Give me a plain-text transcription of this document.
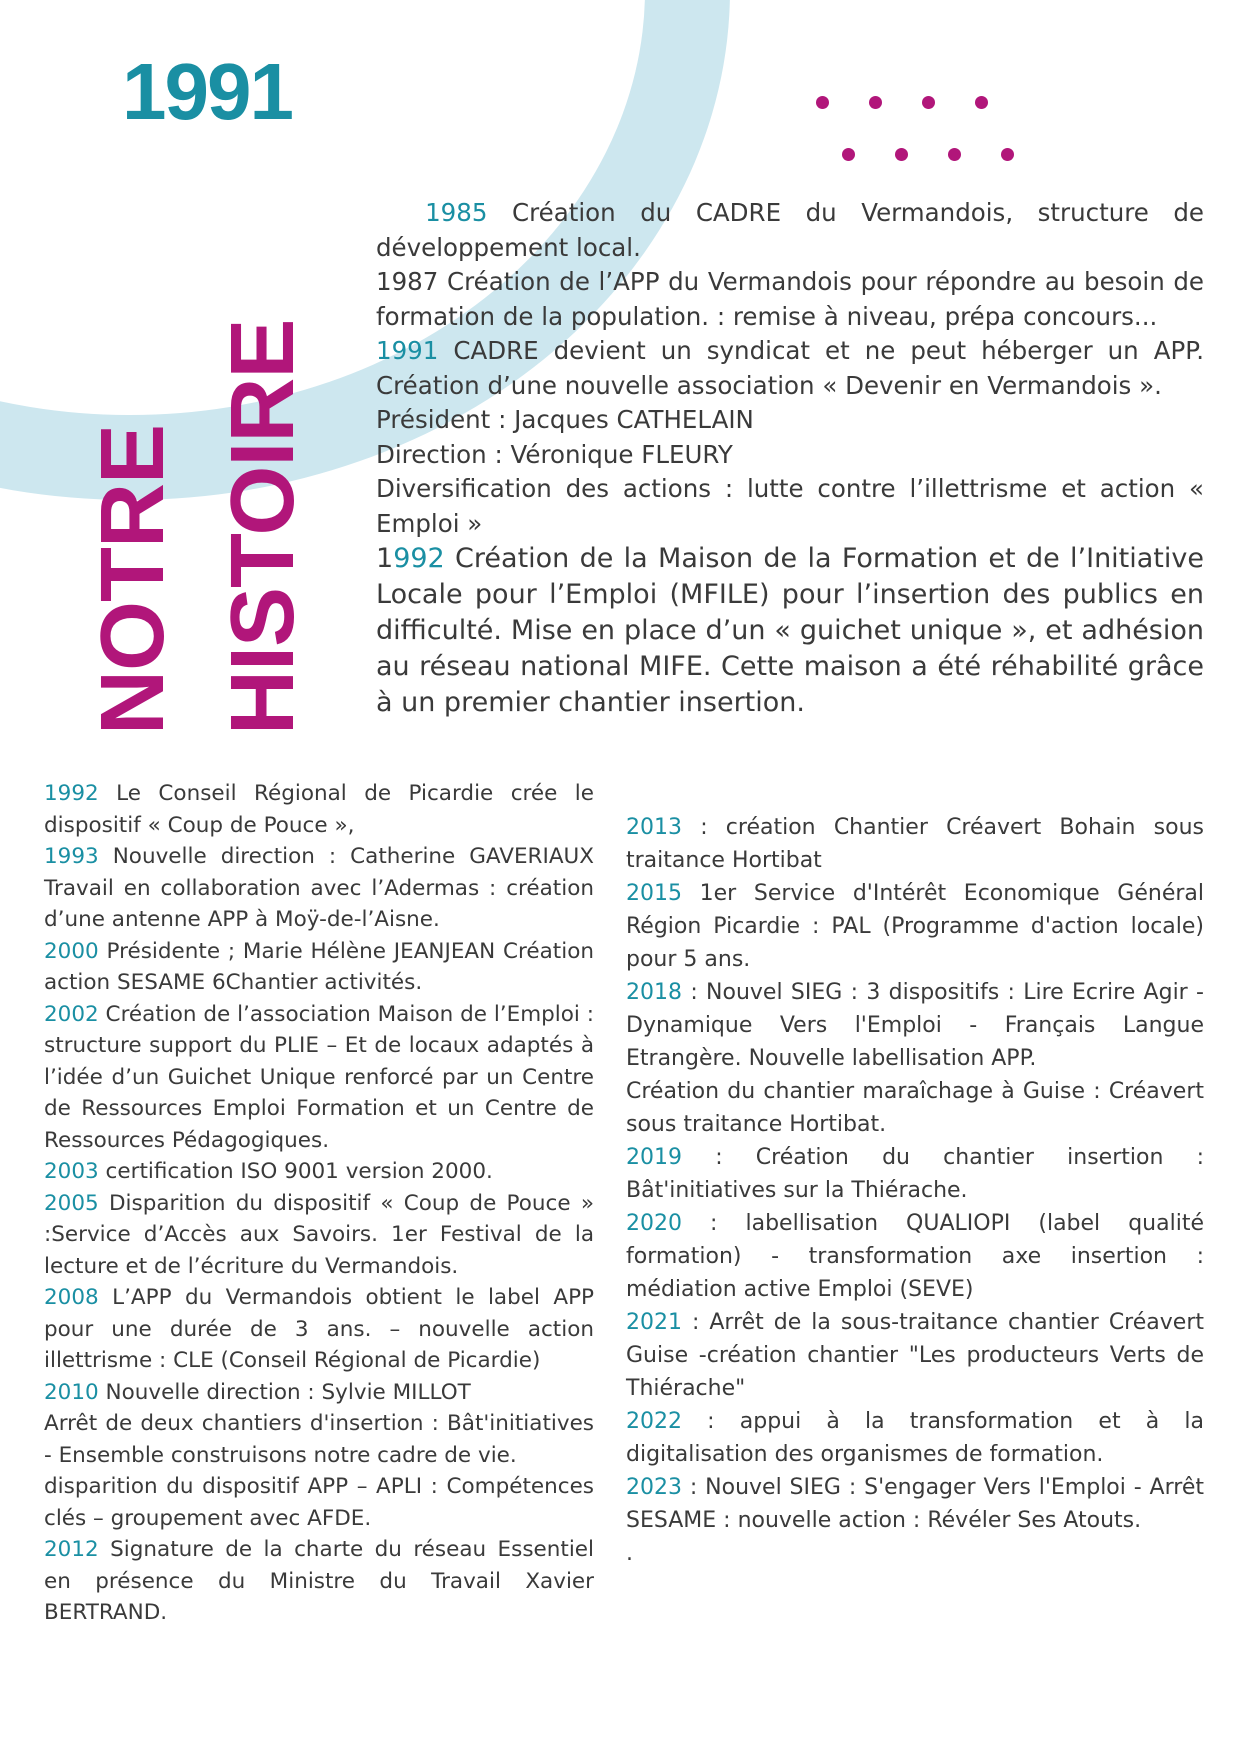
1991
NOTRE HISTOIRE

1985 Création du CADRE du Vermandois, structure de développement local.

1987 Création de l’APP du Vermandois pour répondre au besoin de formation de la population. : remise à niveau, prépa concours...

1991 CADRE devient un syndicat et ne peut héberger un APP. Création d’une nouvelle association « Devenir en Vermandois ».

Président : Jacques CATHELAIN

Direction : Véronique FLEURY

Diversification des actions : lutte contre l’illettrisme et action « Emploi »

1992 Création de la Maison de la Formation et de l’Initiative Locale pour l’Emploi (MFILE) pour l’insertion des publics en difficulté. Mise en place d’un « guichet unique », et adhésion au réseau national MIFE. Cette maison a été réhabilité grâce à un premier chantier insertion.

1992 Le Conseil Régional de Picardie crée le dispositif « Coup de Pouce »,

1993 Nouvelle direction : Catherine GAVERIAUX Travail en collaboration avec l’Adermas : création d’une antenne APP à Moÿ-de-l’Aisne.

2000 Présidente ; Marie Hélène JEANJEAN Création action SESAME 6Chantier activités.

2002 Création de l’association Maison de l’Emploi : structure support du PLIE – Et de locaux adaptés à l’idée d’un Guichet Unique renforcé par un Centre de Ressources Emploi Formation et un Centre de Ressources Pédagogiques.

2003 certification ISO 9001 version 2000.

2005 Disparition du dispositif « Coup de Pouce » :Service d’Accès aux Savoirs. 1er Festival de la lecture et de l’écriture du Vermandois.

2008 L’APP du Vermandois obtient le label APP pour une durée de 3 ans. – nouvelle action illettrisme : CLE (Conseil Régional de Picardie)

2010 Nouvelle direction : Sylvie MILLOT

Arrêt de deux chantiers d'insertion : Bât'initiatives - Ensemble construisons notre cadre de vie.

disparition du dispositif APP – APLI : Compétences clés – groupement avec AFDE.

2012 Signature de la charte du réseau Essentiel en présence du Ministre du Travail Xavier BERTRAND.

2013 : création Chantier Créavert Bohain sous traitance Hortibat

2015 1er Service d'Intérêt Economique Général Région Picardie : PAL (Programme d'action locale) pour 5 ans.

2018 : Nouvel SIEG : 3 dispositifs : Lire Ecrire Agir - Dynamique Vers l'Emploi - Français Langue Etrangère. Nouvelle labellisation APP.

Création du chantier maraîchage à Guise : Créavert sous traitance Hortibat.

2019 : Création du chantier insertion : Bât'initiatives sur la Thiérache.

2020 : labellisation QUALIOPI (label qualité formation) - transformation axe insertion : médiation active Emploi (SEVE)

2021 : Arrêt de la sous-traitance chantier Créavert Guise -création chantier "Les producteurs Verts de Thiérache"

2022 : appui à la transformation et à la digitalisation des organismes de formation.

2023 : Nouvel SIEG : S'engager Vers l'Emploi - Arrêt SESAME : nouvelle action : Révéler Ses Atouts.

.
